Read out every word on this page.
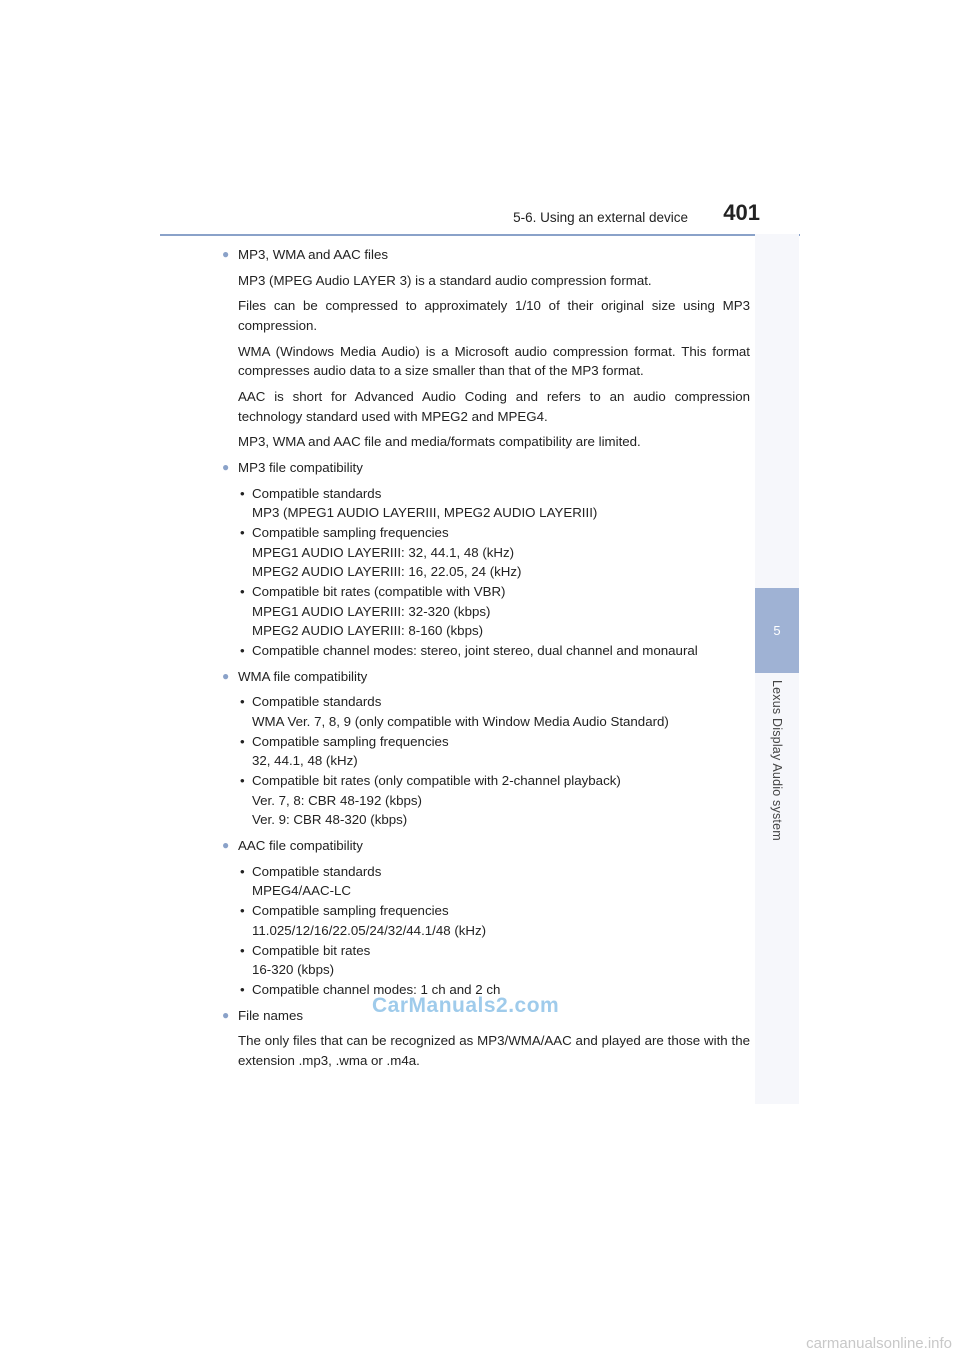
5-6. Using an external device 401
5
Lexus Display Audio system
● MP3, WMA and AAC files

MP3 (MPEG Audio LAYER 3) is a standard audio compression format.

Files can be compressed to approximately 1/10 of their original size using MP3 compression.

WMA (Windows Media Audio) is a Microsoft audio compression format. This format compresses audio data to a size smaller than that of the MP3 format.

AAC is short for Advanced Audio Coding and refers to an audio compression technology standard used with MPEG2 and MPEG4.

MP3, WMA and AAC file and media/formats compatibility are limited.

● MP3 file compatibility
• Compatible standards
MP3 (MPEG1 AUDIO LAYERIII, MPEG2 AUDIO LAYERIII)
• Compatible sampling frequencies
MPEG1 AUDIO LAYERIII: 32, 44.1, 48 (kHz)
MPEG2 AUDIO LAYERIII: 16, 22.05, 24 (kHz)
• Compatible bit rates (compatible with VBR)
MPEG1 AUDIO LAYERIII: 32-320 (kbps)
MPEG2 AUDIO LAYERIII: 8-160 (kbps)
• Compatible channel modes: stereo, joint stereo, dual channel and monaural
● WMA file compatibility
• Compatible standards
WMA Ver. 7, 8, 9 (only compatible with Window Media Audio Standard)
• Compatible sampling frequencies
32, 44.1, 48 (kHz)
• Compatible bit rates (only compatible with 2-channel playback)
Ver. 7, 8: CBR 48-192 (kbps)
Ver. 9: CBR 48-320 (kbps)
● AAC file compatibility
• Compatible standards
MPEG4/AAC-LC
• Compatible sampling frequencies
11.025/12/16/22.05/24/32/44.1/48 (kHz)
• Compatible bit rates
16-320 (kbps)
• Compatible channel modes: 1 ch and 2 ch
● File names

The only files that can be recognized as MP3/WMA/AAC and played are those with the extension .mp3, .wma or .m4a.

CarManuals2.com
carmanualsonline.info
